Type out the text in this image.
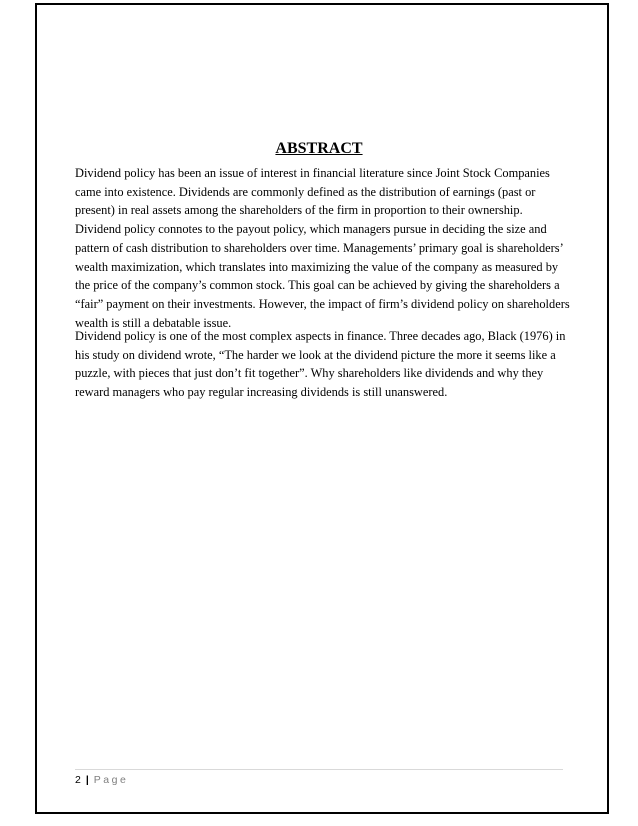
ABSTRACT

Dividend policy has been an issue of interest in financial literature since Joint Stock Companies came into existence. Dividends are commonly defined as the distribution of earnings (past or present) in real assets among the shareholders of the firm in proportion to their ownership. Dividend policy connotes to the payout policy, which managers pursue in deciding the size and pattern of cash distribution to shareholders over time. Managements’ primary goal is shareholders’ wealth maximization, which translates into maximizing the value of the company as measured by the price of the company’s common stock. This goal can be achieved by giving the shareholders a “fair” payment on their investments. However, the impact of firm’s dividend policy on shareholders wealth is still a debatable issue.

Dividend policy is one of the most complex aspects in finance. Three decades ago, Black (1976) in his study on dividend wrote, “The harder we look at the dividend picture the more it seems like a puzzle, with pieces that just don’t fit together”. Why shareholders like dividends and why they reward managers who pay regular increasing dividends is still unanswered.

2 | Page
